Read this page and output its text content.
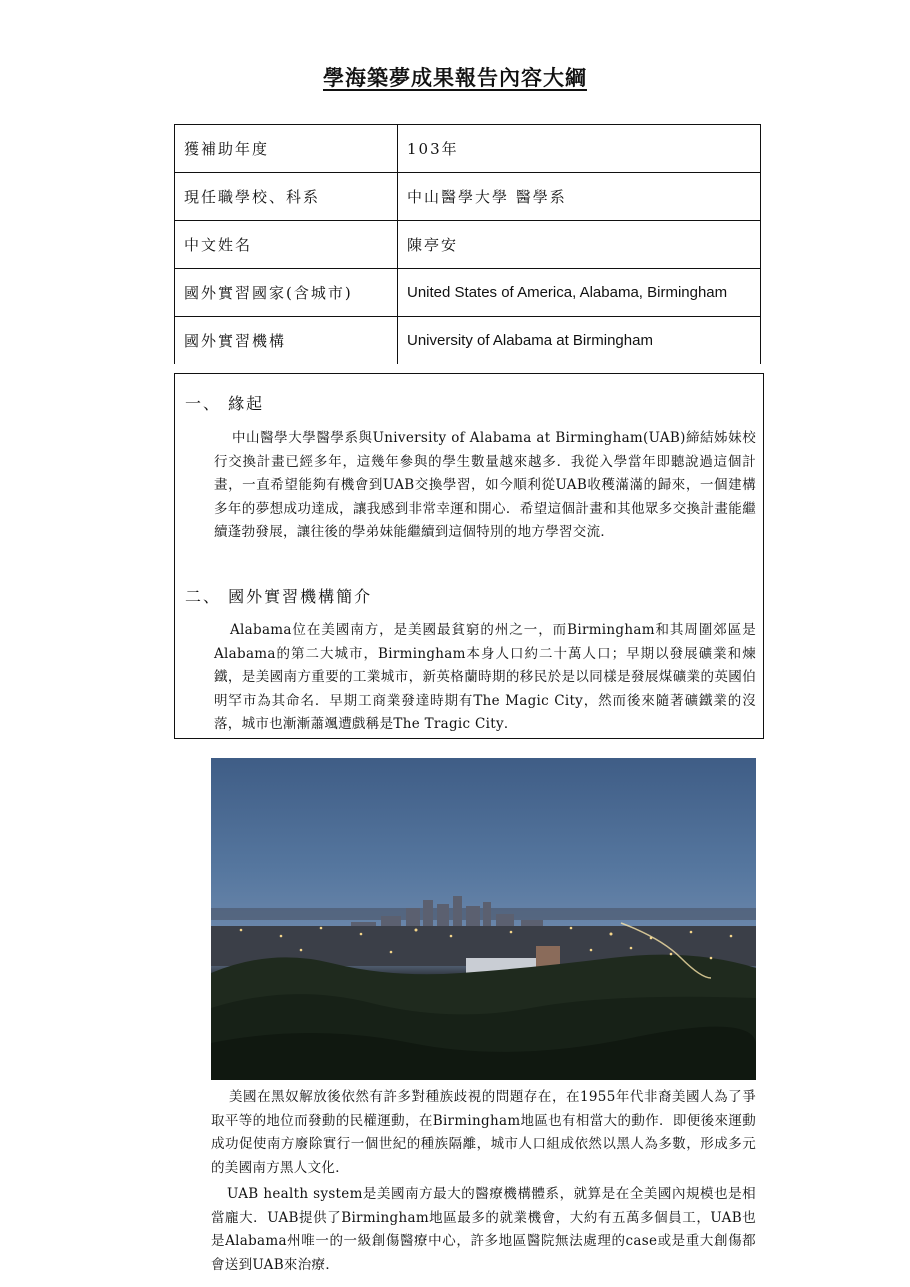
學海築夢成果報告內容大綱
獲補助年度	103年
現任職學校、科系	中山醫學大學 醫學系
中文姓名	陳亭安
國外實習國家(含城市)	United States of America, Alabama, Birmingham
國外實習機構	University of Alabama at Birmingham
一、 緣起
中山醫學大學醫學系與University of Alabama at Birmingham(UAB)締結姊妹校行交換計畫已經多年，這幾年參與的學生數量越來越多．我從入學當年即聽說過這個計畫，一直希望能夠有機會到UAB交換學習，如今順利從UAB收穫滿滿的歸來，一個建構多年的夢想成功達成，讓我感到非常幸運和開心．希望這個計畫和其他眾多交換計畫能繼續蓬勃發展，讓往後的學弟妹能繼續到這個特別的地方學習交流．
二、 國外實習機構簡介
Alabama位在美國南方，是美國最貧窮的州之一，而Birmingham和其周圍郊區是Alabama的第二大城市，Birmingham本身人口約二十萬人口；早期以發展礦業和煉鐵，是美國南方重要的工業城市，新英格蘭時期的移民於是以同樣是發展煤礦業的英國伯明罕市為其命名．早期工商業發達時期有The Magic City，然而後來隨著礦鐵業的沒落，城市也漸漸蕭颯遭戲稱是The Tragic City．
美國在黑奴解放後依然有許多對種族歧視的問題存在，在1955年代非裔美國人為了爭取平等的地位而發動的民權運動，在Birmingham地區也有相當大的動作．即便後來運動成功促使南方廢除實行一個世紀的種族隔離，城市人口組成依然以黑人為多數，形成多元的美國南方黑人文化．
UAB health system是美國南方最大的醫療機構體系，就算是在全美國內規模也是相當龐大．UAB提供了Birmingham地區最多的就業機會，大約有五萬多個員工，UAB也是Alabama州唯一的一級創傷醫療中心，許多地區醫院無法處理的case或是重大創傷都會送到UAB來治療．
